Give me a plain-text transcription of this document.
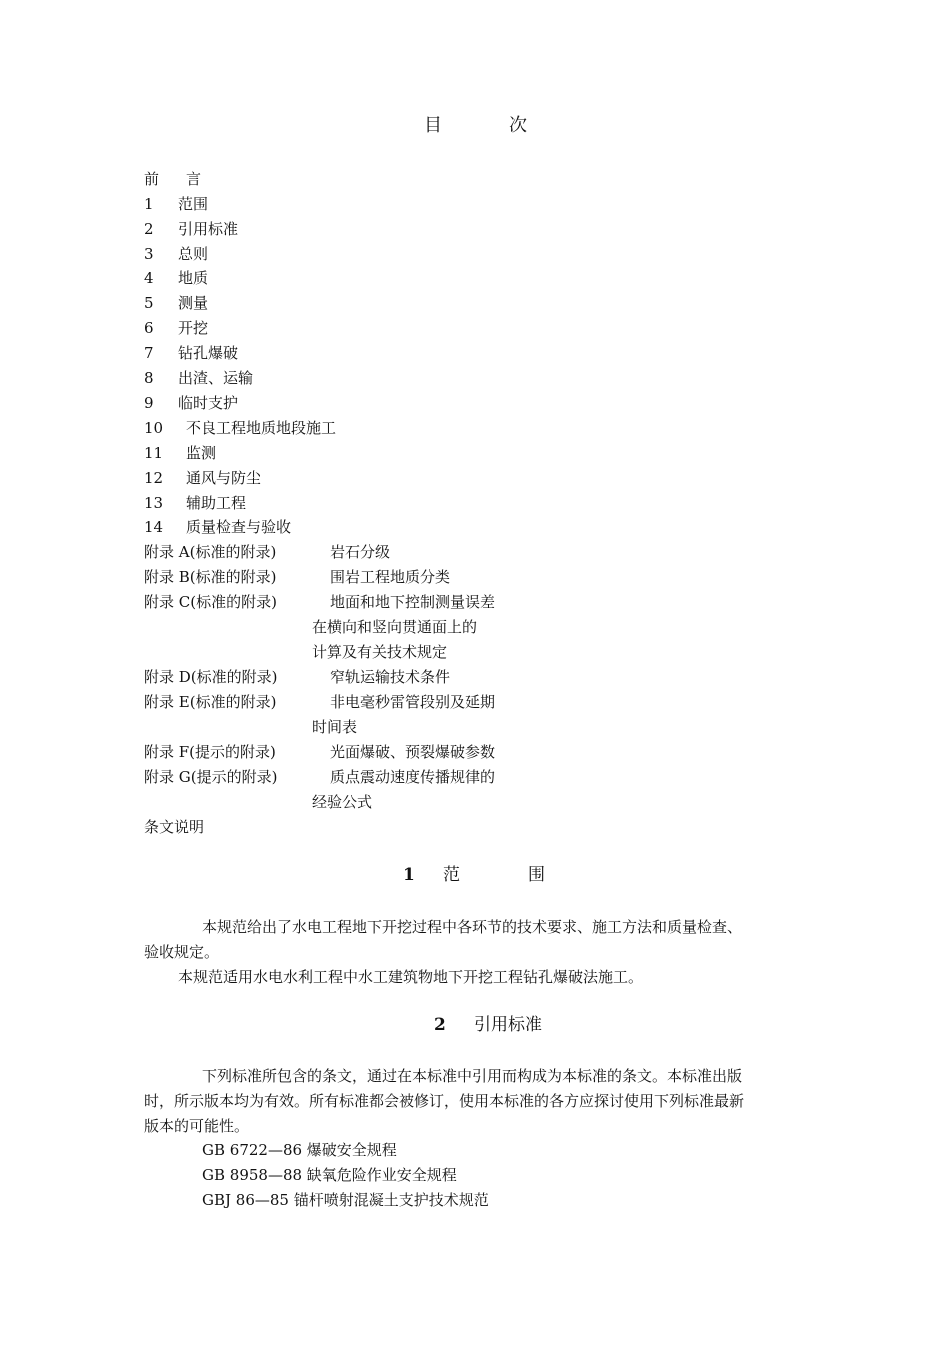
目	次
前 言
1 范围
2 引用标准
3 总则
4 地质
5 测量
6 开挖
7 钻孔爆破
8 出渣、运输
9 临时支护
10 不良工程地质地段施工
11 监测
12 通风与防尘
13 辅助工程
14 质量检查与验收
附录 A(标准的附录)	岩石分级
附录 B(标准的附录)	围岩工程地质分类
附录 C(标准的附录)	地面和地下控制测量误差
在横向和竖向贯通面上的
计算及有关技术规定
附录 D(标准的附录)	窄轨运输技术条件
附录 E(标准的附录)	非电毫秒雷管段别及延期
时间表
附录 F(提示的附录)	光面爆破、预裂爆破参数
附录 G(提示的附录)	质点震动速度传播规律的
经验公式
条文说明
1 范	围
本规范给出了水电工程地下开挖过程中各环节的技术要求、施工方法和质量检查、
验收规定。
本规范适用水电水利工程中水工建筑物地下开挖工程钻孔爆破法施工。
2 引用标准
下列标准所包含的条文，通过在本标准中引用而构成为本标准的条文。本标准出版
时，所示版本均为有效。所有标准都会被修订，使用本标准的各方应探讨使用下列标准最新
版本的可能性。
GB 6722—86 爆破安全规程
GB 8958—88 缺氧危险作业安全规程
GBJ 86—85 锚杆喷射混凝土支护技术规范
